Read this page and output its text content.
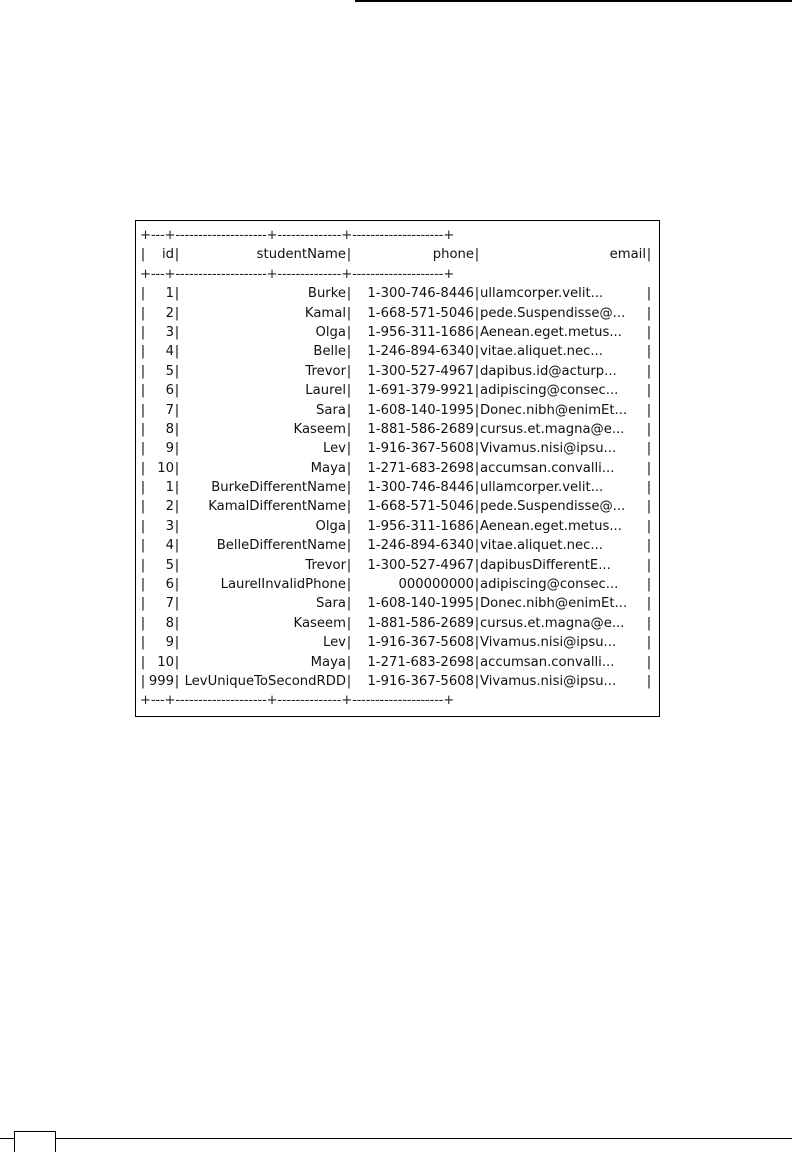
+---+--------------------+--------------+--------------------+
|	id |	studentName |	phone |	email |
+---+--------------------+--------------+--------------------+
|	1 |	Burke |	1-300-746-8446 | ullamcorper.velit...	|
|	2 |	Kamal |	1-668-571-5046 | pede.Suspendisse@...	|
|	3 |	Olga |	1-956-311-1686 | Aenean.eget.metus...	|
|	4 |	Belle |	1-246-894-6340 | vitae.aliquet.nec...	|
|	5 |	Trevor |	1-300-527-4967 | dapibus.id@acturp...	|
|	6 |	Laurel |	1-691-379-9921 | adipiscing@consec...	|
|	7 |	Sara |	1-608-140-1995 | Donec.nibh@enimEt...	|
|	8 |	Kaseem |	1-881-586-2689 | cursus.et.magna@e...	|
|	9 |	Lev |	1-916-367-5608 | Vivamus.nisi@ipsu...	|
| 10 |	Maya |	1-271-683-2698 | accumsan.convalli...	|
|	1 |	BurkeDifferentName |	1-300-746-8446 | ullamcorper.velit...	|
|	2 |	KamalDifferentName |	1-668-571-5046 | pede.Suspendisse@...	|
|	3 |	Olga |	1-956-311-1686 | Aenean.eget.metus...	|
|	4 |	BelleDifferentName |	1-246-894-6340 | vitae.aliquet.nec...	|
|	5 |	Trevor |	1-300-527-4967 | dapibusDifferentE...	|
|	6 |	LaurelInvalidPhone |	000000000 | adipiscing@consec...	|
|	7 |	Sara |	1-608-140-1995 | Donec.nibh@enimEt...	|
|	8 |	Kaseem |	1-881-586-2689 | cursus.et.magna@e...	|
|	9 |	Lev |	1-916-367-5608 | Vivamus.nisi@ipsu...	|
| 10 |	Maya |	1-271-683-2698 | accumsan.convalli...	|
| 999 | LevUniqueToSecondRDD |	1-916-367-5608 | Vivamus.nisi@ipsu...	|
+---+--------------------+--------------+--------------------+
